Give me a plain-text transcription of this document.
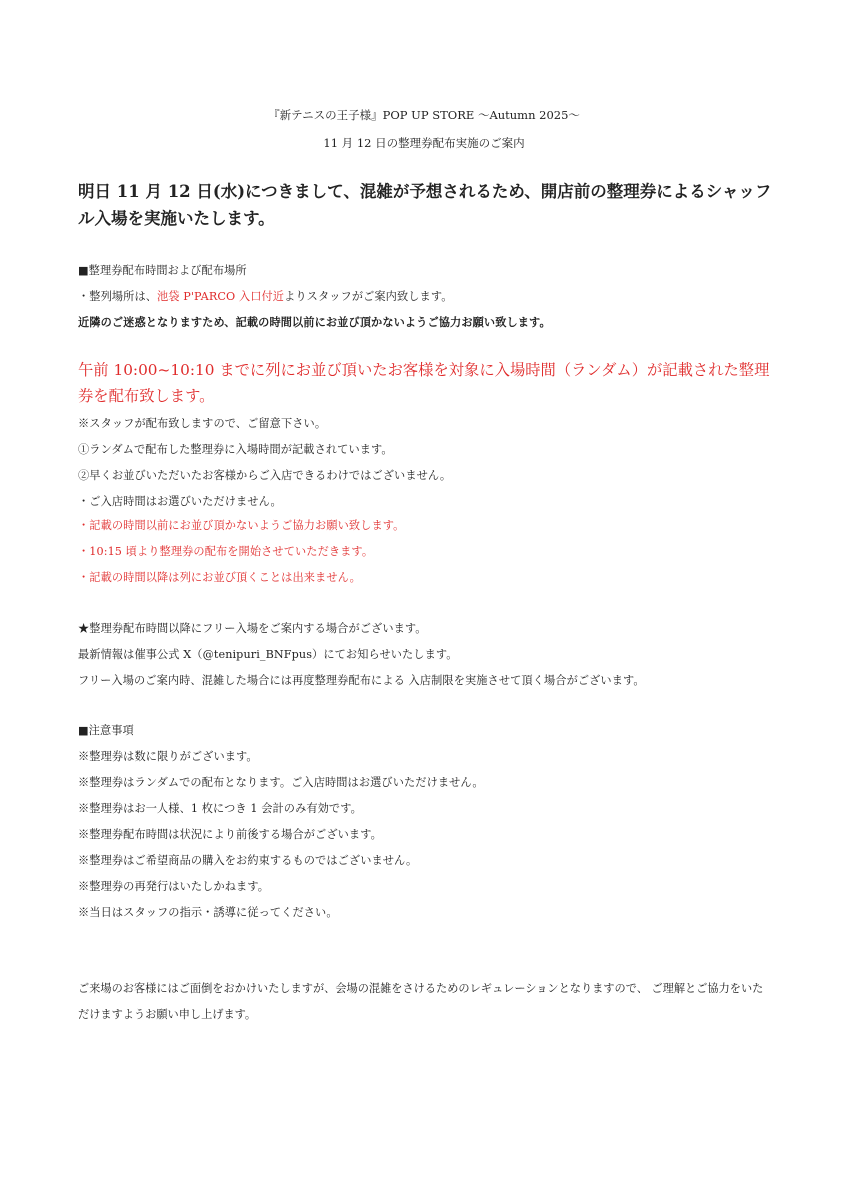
『新テニスの王子様』POP UP STORE ～Autumn 2025～
11 月 12 日の整理券配布実施のご案内
明日 11 月 12 日(水)につきまして、混雑が予想されるため、開店前の整理券によるシャッフル入場を実施いたします。
■整理券配布時間および配布場所
・整列場所は、池袋 P'PARCO 入口付近よりスタッフがご案内致します。
近隣のご迷惑となりますため、記載の時間以前にお並び頂かないようご協力お願い致します。
午前 10:00~10:10 までに列にお並び頂いたお客様を対象に入場時間（ランダム）が記載された整理券を配布致します。
※スタッフが配布致しますので、ご留意下さい。
①ランダムで配布した整理券に入場時間が記載されています。
②早くお並びいただいたお客様からご入店できるわけではございません。
・ご入店時間はお選びいただけません。
・記載の時間以前にお並び頂かないようご協力お願い致します。
・10:15 頃より整理券の配布を開始させていただきます。
・記載の時間以降は列にお並び頂くことは出来ません。
★整理券配布時間以降にフリー入場をご案内する場合がございます。
最新情報は催事公式 X（@tenipuri_BNFpus）にてお知らせいたします。
フリー入場のご案内時、混雑した場合には再度整理券配布による 入店制限を実施させて頂く場合がございます。
■注意事項
※整理券は数に限りがございます。
※整理券はランダムでの配布となります。ご入店時間はお選びいただけません。
※整理券はお一人様、1 枚につき 1 会計のみ有効です。
※整理券配布時間は状況により前後する場合がございます。
※整理券はご希望商品の購入をお約束するものではございません。
※整理券の再発行はいたしかねます。
※当日はスタッフの指示・誘導に従ってください。
ご来場のお客様にはご面倒をおかけいたしますが、会場の混雑をさけるためのレギュレーションとなりますので、 ご理解とご協力をいただけますようお願い申し上げます。
